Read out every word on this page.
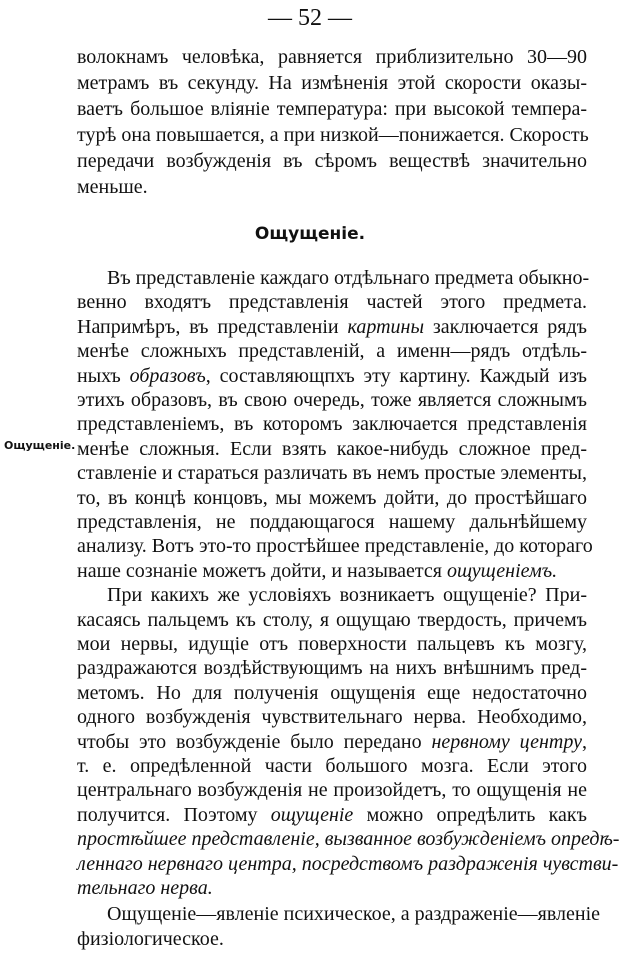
— 52 —
волокнамъ человѣка, равняется приблизительно 30—90
метрамъ въ секунду. На измѣненія этой скорости оказы-
ваетъ большое вліяніе температура: при высокой темпера-
турѣ она повышается, а при низкой—понижается. Скорость
передачи возбужденія въ сѣромъ веществѣ значительно
меньше.
Ощущеніе.
Ощущеніе.
Въ представленіе каждаго отдѣльнаго предмета обыкно-
венно входятъ представленія частей этого предмета.
Напримѣръ, въ представленіи картины заключается рядъ
менѣе сложныхъ представленій, а именн—рядъ отдѣль-
ныхъ образовъ, составляющпхъ эту картину. Каждый изъ
этихъ образовъ, въ свою очередь, тоже является сложнымъ
представленіемъ, въ которомъ заключается представленія
менѣе сложныя. Если взять какое-нибудь сложное пред-
ставленіе и стараться различать въ немъ простые элементы,
то, въ концѣ концовъ, мы можемъ дойти, до простѣйшаго
представленія, не поддающагося нашему дальнѣйшему
анализу. Вотъ это-то простѣйшее представленіе, до котораго
наше сознаніе можетъ дойти, и называется ощущеніемъ.
При какихъ же условіяхъ возникаетъ ощущеніе? При-
касаясь пальцемъ къ столу, я ощущаю твердость, причемъ
мои нервы, идущіе отъ поверхности пальцевъ къ мозгу,
раздражаются воздѣйствующимъ на нихъ внѣшнимъ пред-
метомъ. Но для полученія ощущенія еще недостаточно
одного возбужденія чувствительнаго нерва. Необходимо,
чтобы это возбужденіе было передано нервному центру,
т. е. опредѣленной части большого мозга. Если этого
центральнаго возбужденія не произойдетъ, то ощущенія не
получится. Поэтому ощущеніе можно опредѣлить какъ
простѣйшее представленіе, вызванное возбужденіемъ опредѣ-
леннаго нервнаго центра, посредствомъ раздраженія чувстви-
тельнаго нерва.
Ощущеніе—явленіе психическое, а раздраженіе—явленіе
физіологическое.
